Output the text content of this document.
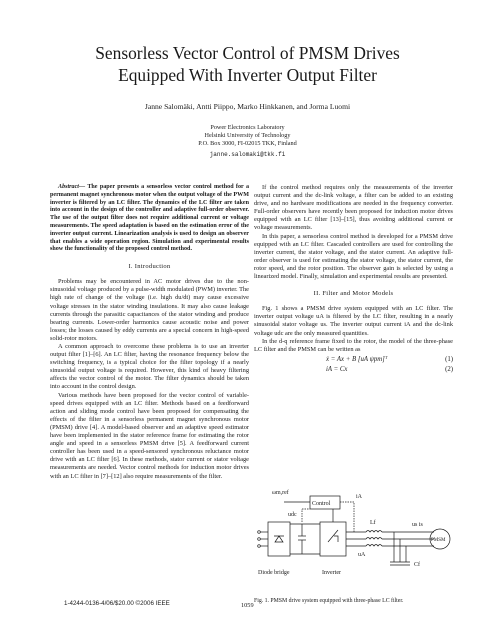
Sensorless Vector Control of PMSM Drives
Equipped With Inverter Output Filter
Janne Salomäki, Antti Piippo, Marko Hinkkanen, and Jorma Luomi
Power Electronics Laboratory
Helsinki University of Technology
P.O. Box 3000, FI-02015 TKK, Finland
janne.salomaki@tkk.fi

Abstract— The paper presents a sensorless vector control method for a permanent magnet synchronous motor when the output voltage of the PWM inverter is filtered by an LC filter. The dynamics of the LC filter are taken into account in the design of the controller and adaptive full-order observer. The use of the output filter does not require additional current or voltage measurements. The speed adaptation is based on the estimation error of the inverter output current. Linearization analysis is used to design an observer that enables a wide operation region. Simulation and experimental results show the functionality of the proposed control method.

I. Introduction

Problems may be encountered in AC motor drives due to the non-sinusoidal voltage produced by a pulse-width modulated (PWM) inverter. The high rate of change of the voltage (i.e. high du/dt) may cause excessive voltage stresses in the stator winding insulations. It may also cause leakage currents through the parasitic capacitances of the stator winding and produce bearing currents. Lower-order harmonics cause acoustic noise and power losses; the losses caused by eddy currents are a special concern in high-speed solid-rotor motors.

A common approach to overcome these problems is to use an inverter output filter [1]–[6]. An LC filter, having the resonance frequency below the switching frequency, is a typical choice for the filter topology if a nearly sinusoidal output voltage is required. However, this kind of heavy filtering affects the vector control of the motor. The filter dynamics should be taken into account in the control design.

Various methods have been proposed for the vector control of variable-speed drives equipped with an LC filter. Methods based on a feedforward action and sliding mode control have been proposed for compensating the effects of the filter in a sensorless permanent magnet synchronous motor (PMSM) drive [4]. A model-based observer and an adaptive speed estimator have been implemented in the stator reference frame for estimating the rotor angle and speed in a sensorless PMSM drive [5]. A feedforward current controller has been used in a speed-sensored synchronous reluctance motor drive with an LC filter [6]. In these methods, stator current or stator voltage measurements are needed. Vector control methods for induction motor drives with an LC filter in [7]–[12] also require measurements of the filter.

If the control method requires only the measurements of the inverter output current and the dc-link voltage, a filter can be added to an existing drive, and no hardware modifications are needed in the frequency converter. Full-order observers have recently been proposed for induction motor drives equipped with an LC filter [13]–[15], thus avoiding additional current or voltage measurements.

In this paper, a sensorless control method is developed for a PMSM drive equipped with an LC filter. Cascaded controllers are used for controlling the inverter current, the stator voltage, and the stator current. An adaptive full-order observer is used for estimating the stator voltage, the stator current, the rotor speed, and the rotor position. The observer gain is selected by using a linearized model. Finally, simulation and experimental results are presented.

II. Filter and Motor Models

Fig. 1 shows a PMSM drive system equipped with an LC filter. The inverter output voltage uA is filtered by the LC filter, resulting in a nearly sinusoidal stator voltage us. The inverter output current iA and the dc-link voltage udc are the only measured quantities.

In the d-q reference frame fixed to the rotor, the model of the three-phase LC filter and the PMSM can be written as

ẋ = Ax + B [uA ψpm]ᵀ	(1)
iA = Cx	(2)
ωm,ref
udc
Control
iA
Lf	us is
PMSM
uA
Cf
Diode bridge	Inverter
Fig. 1. PMSM drive system equipped with three-phase LC filter.
1-4244-0136-4/06/$20.00 ©2006 IEEE	1059
